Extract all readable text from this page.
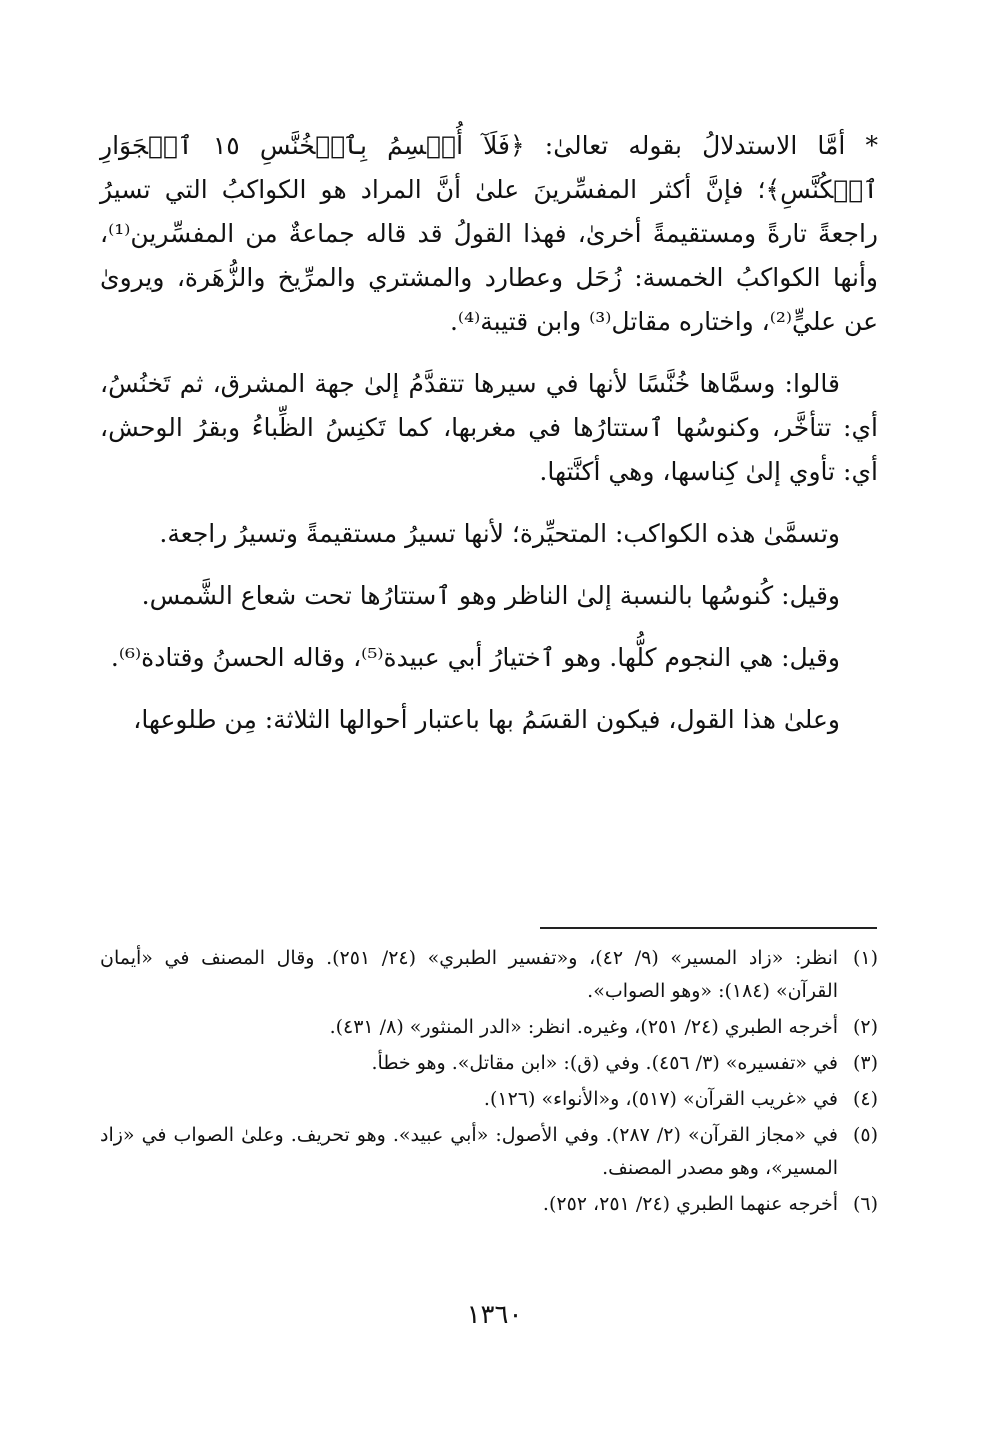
* أمَّا الاستدلالُ بقوله تعالىٰ: ﴿فَلَآ أُقۡسِمُ بِٱلۡخُنَّسِ ١٥ ٱلۡجَوَارِ ٱلۡكُنَّسِ﴾؛ فإنَّ أكثر المفسِّرينَ علىٰ أنَّ المراد هو الكواكبُ التي تسيرُ راجعةً تارةً ومستقيمةً أخرىٰ، فهذا القولُ قد قاله جماعةٌ من المفسِّرين⁽¹⁾، وأنها الكواكبُ الخمسة: زُحَل وعطارد والمشتري والمرِّيخ والزُّهَرة، ويروىٰ عن عليٍّ⁽²⁾، واختاره مقاتل⁽³⁾ وابن قتيبة⁽⁴⁾.

قالوا: وسمَّاها خُنَّسًا لأنها في سيرها تتقدَّمُ إلىٰ جهة المشرق، ثم تَخنُسُ، أي: تتأخَّر، وكنوسُها ٱستتارُها في مغربها، كما تَكنِسُ الظِّباءُ وبقرُ الوحش، أي: تأوي إلىٰ كِناسها، وهي أكنَّتها.

وتسمَّىٰ هذه الكواكب: المتحيِّرة؛ لأنها تسيرُ مستقيمةً وتسيرُ راجعة.

وقيل: كُنوسُها بالنسبة إلىٰ الناظر وهو ٱستتارُها تحت شعاع الشَّمس.

وقيل: هي النجوم كلُّها. وهو ٱختيارُ أبي عبيدة⁽⁵⁾، وقاله الحسنُ وقتادة⁽⁶⁾.

وعلىٰ هذا القول، فيكون القسَمُ بها باعتبار أحوالها الثلاثة: مِن طلوعها،

(١)
انظر: «زاد المسير» (٩/ ٤٢)، و«تفسير الطبري» (٢٤/ ٢٥١). وقال المصنف في «أيمان القرآن» (١٨٤): «وهو الصواب».
(٢)
أخرجه الطبري (٢٤/ ٢٥١)، وغيره. انظر: «الدر المنثور» (٨/ ٤٣١).
(٣)
في «تفسيره» (٣/ ٤٥٦). وفي (ق): «ابن مقاتل». وهو خطأ.
(٤)
في «غريب القرآن» (٥١٧)، و«الأنواء» (١٢٦).
(٥)
في «مجاز القرآن» (٢/ ٢٨٧). وفي الأصول: «أبي عبيد». وهو تحريف. وعلىٰ الصواب في «زاد المسير»، وهو مصدر المصنف.
(٦)
أخرجه عنهما الطبري (٢٤/ ٢٥١، ٢٥٢).
١٣٦٠
